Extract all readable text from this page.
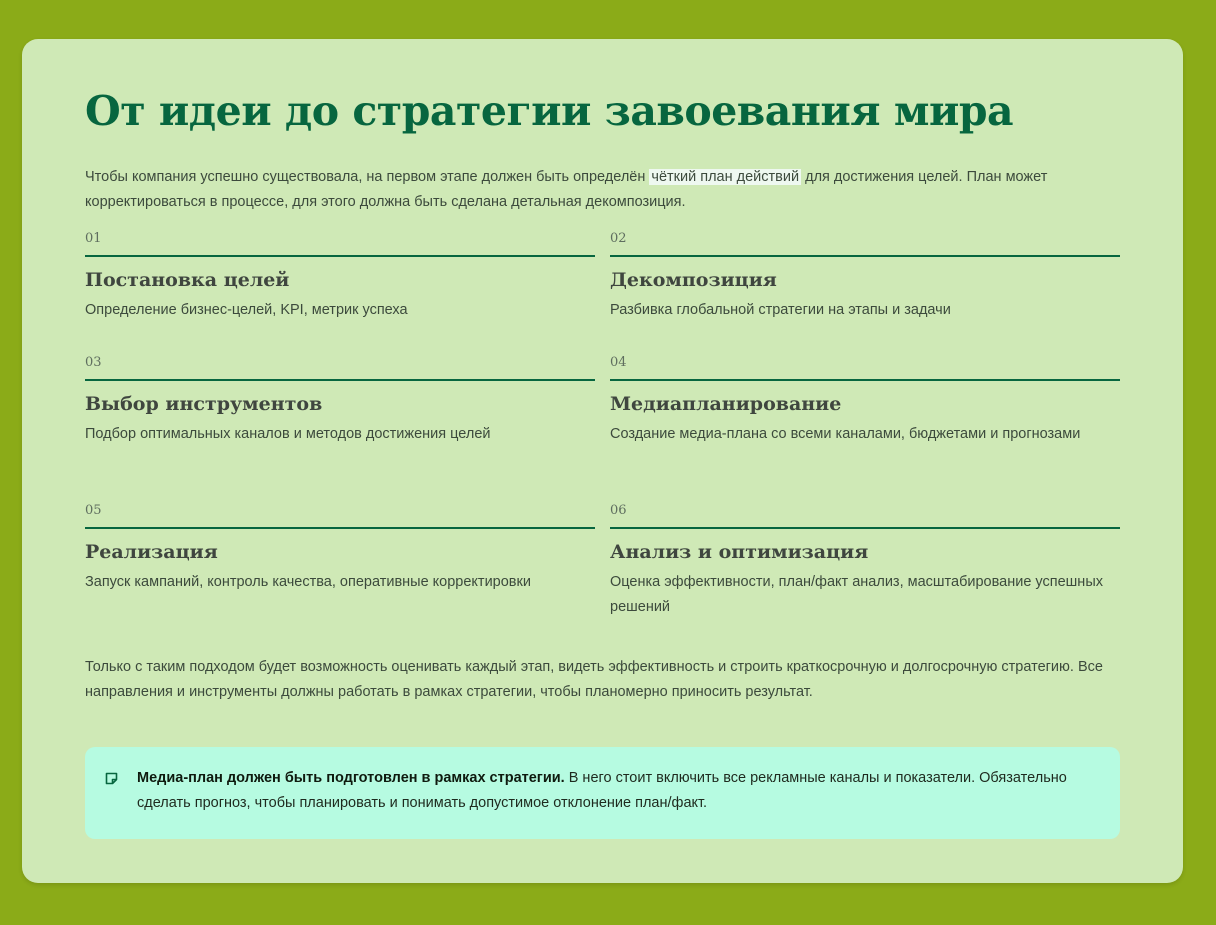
От идеи до стратегии завоевания мира

Чтобы компания успешно существовала, на первом этапе должен быть определён чёткий план действий для достижения целей. План может корректироваться в процессе, для этого должна быть сделана детальная декомпозиция.

01
Постановка целей
Определение бизнес-целей, KPI, метрик успеха
02
Декомпозиция
Разбивка глобальной стратегии на этапы и задачи
03
Выбор инструментов
Подбор оптимальных каналов и методов достижения целей
04
Медиапланирование
Создание медиа-плана со всеми каналами, бюджетами и прогнозами
05
Реализация
Запуск кампаний, контроль качества, оперативные корректировки
06
Анализ и оптимизация
Оценка эффективности, план/факт анализ, масштабирование успешных решений

Только с таким подходом будет возможность оценивать каждый этап, видеть эффективность и строить краткосрочную и долгосрочную стратегию. Все направления и инструменты должны работать в рамках стратегии, чтобы планомерно приносить результат.

Медиа-план должен быть подготовлен в рамках стратегии. В него стоит включить все рекламные каналы и показатели. Обязательно сделать прогноз, чтобы планировать и понимать допустимое отклонение план/факт.
